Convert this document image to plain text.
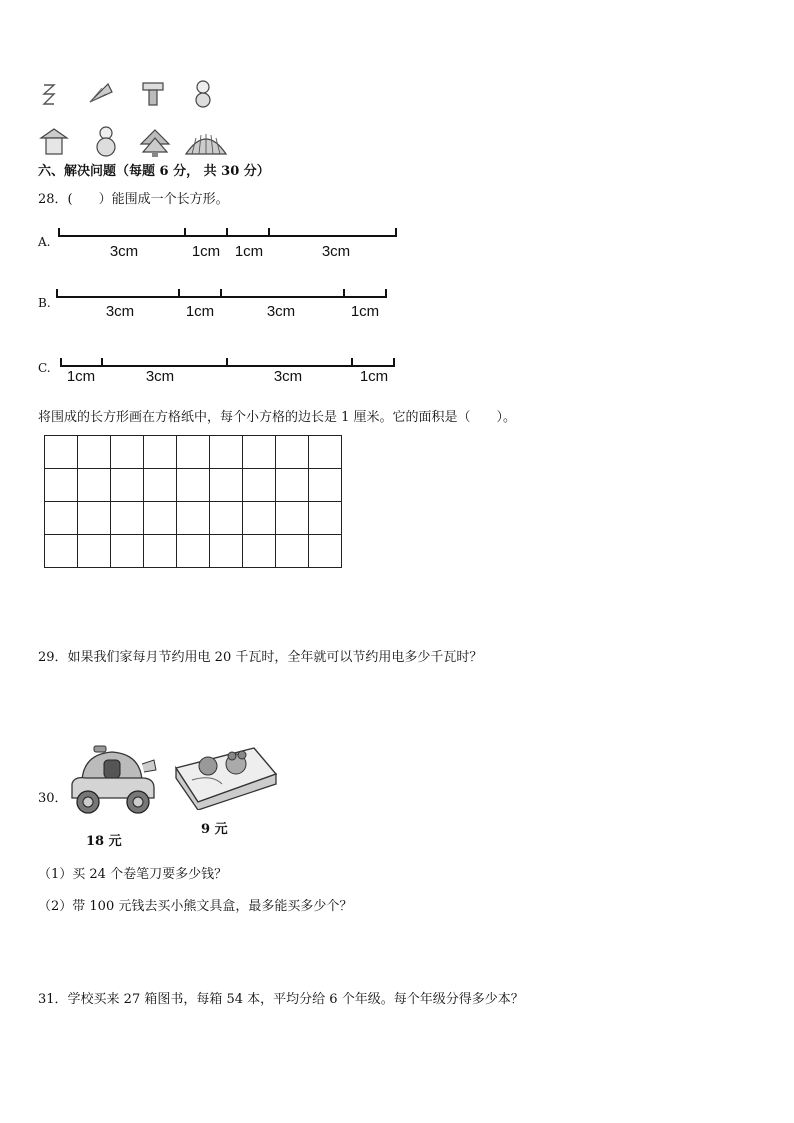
六、解决问题（每题 6 分， 共 30 分）
28．(　　）能围成一个长方形。
A.
3cm	1cm 1cm	3cm
B.	3cm	1cm	3cm	1cm
C. 1cm	3cm	3cm	1cm
将围成的长方形画在方格纸中，每个小方格的边长是 1 厘米。它的面积是（　　）。

29．如果我们家每月节约用电 20 千瓦时，全年就可以节约用电多少千瓦时？
30．
18 元
9 元
（1）买 24 个卷笔刀要多少钱？
（2）带 100 元钱去买小熊文具盒，最多能买多少个？
31．学校买来 27 箱图书，每箱 54 本，平均分给 6 个年级。每个年级分得多少本？
